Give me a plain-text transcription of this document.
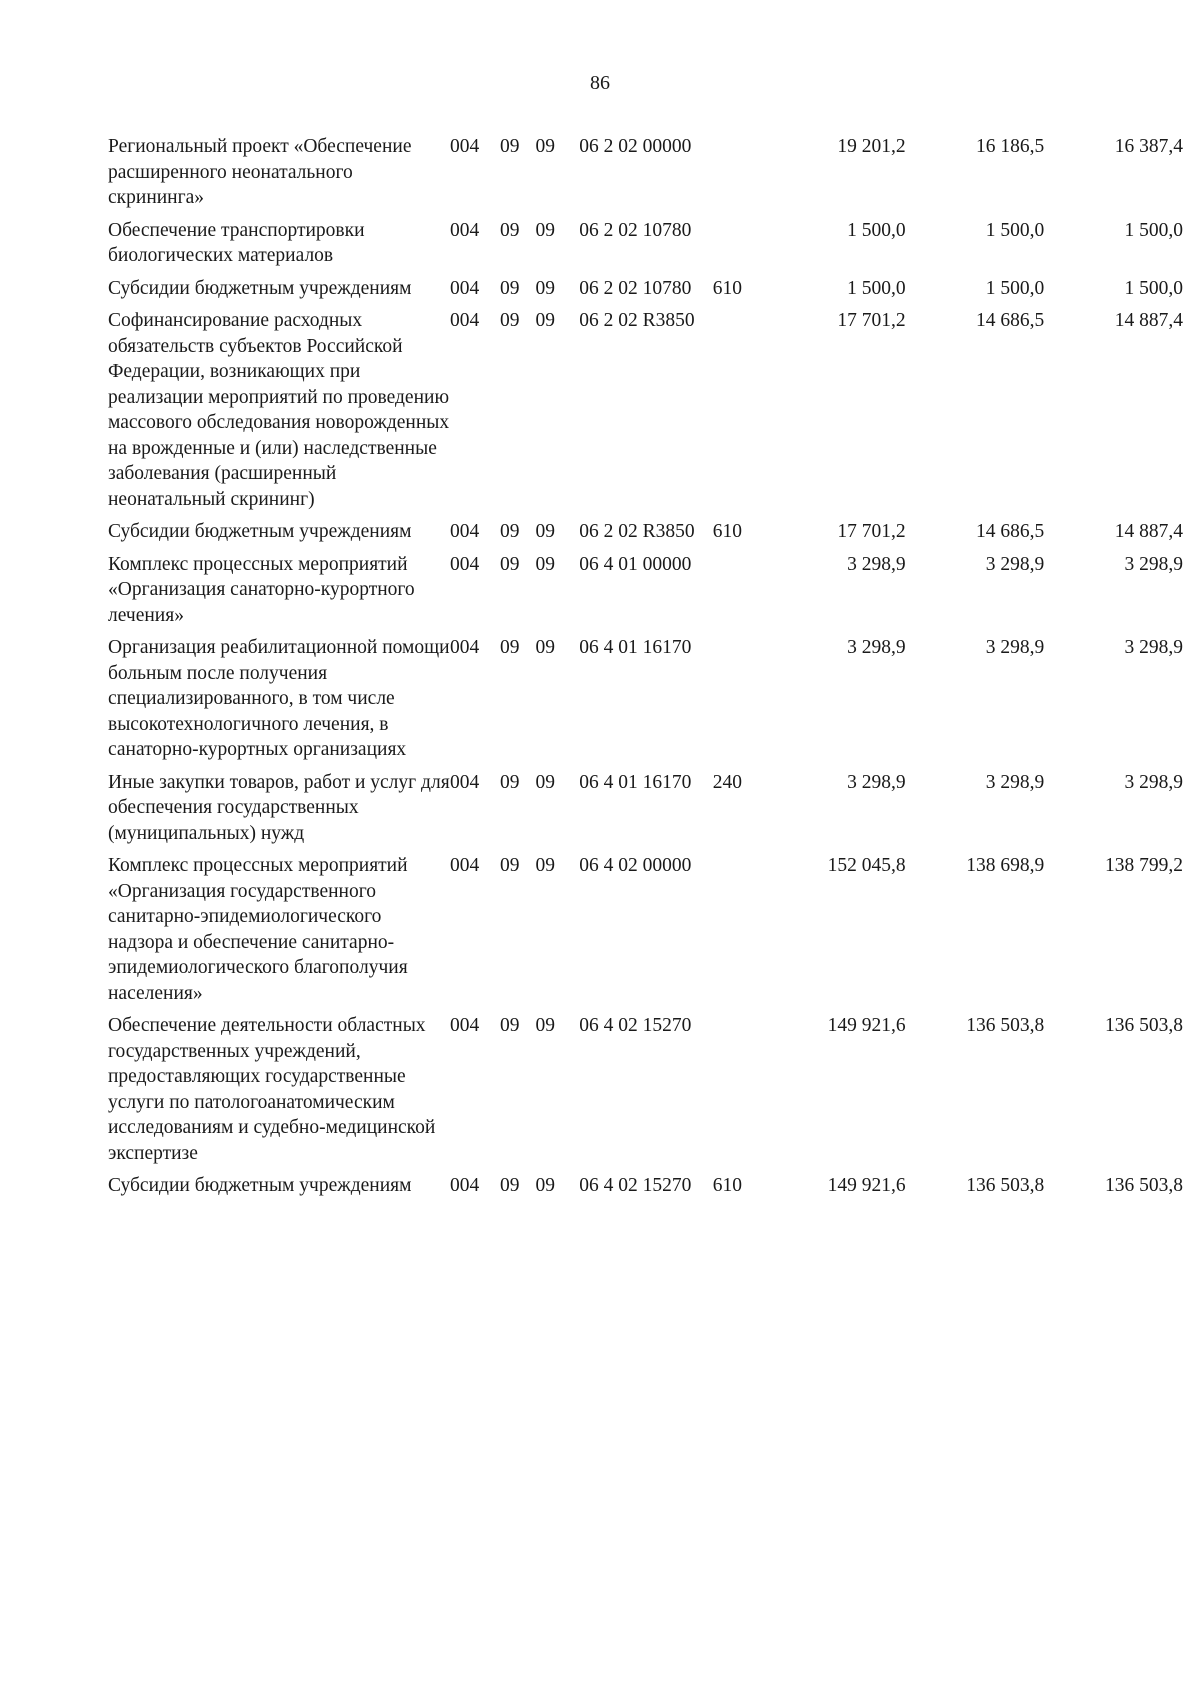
86
Региональный проект «Обеспечение расширенного неонатального скрининга»	004	09	09	06 2 02 00000		19 201,2	16 186,5	16 387,4
Обеспечение транспортировки биологических материалов	004	09	09	06 2 02 10780		1 500,0	1 500,0	1 500,0
Субсидии бюджетным учреждениям	004	09	09	06 2 02 10780	610	1 500,0	1 500,0	1 500,0
Софинансирование расходных обязательств субъектов Российской Федерации, возникающих при реализации мероприятий по проведению массового обследования новорожденных на врожденные и (или) наследственные заболевания (расширенный неонатальный скрининг)	004	09	09	06 2 02 R3850		17 701,2	14 686,5	14 887,4
Субсидии бюджетным учреждениям	004	09	09	06 2 02 R3850	610	17 701,2	14 686,5	14 887,4
Комплекс процессных мероприятий «Организация санаторно-курортного лечения»	004	09	09	06 4 01 00000		3 298,9	3 298,9	3 298,9
Организация реабилитационной помощи больным после получения специализированного, в том числе высокотехнологичного лечения, в санаторно-курортных организациях	004	09	09	06 4 01 16170		3 298,9	3 298,9	3 298,9
Иные закупки товаров, работ и услуг для обеспечения государственных (муниципальных) нужд	004	09	09	06 4 01 16170	240	3 298,9	3 298,9	3 298,9
Комплекс процессных мероприятий «Организация государственного санитарно-эпидемиологического надзора и обеспечение санитарно-эпидемиологического благополучия населения»	004	09	09	06 4 02 00000		152 045,8	138 698,9	138 799,2
Обеспечение деятельности областных государственных учреждений, предоставляющих государственные услуги по патологоанатомическим исследованиям и судебно-медицинской экспертизе	004	09	09	06 4 02 15270		149 921,6	136 503,8	136 503,8
Субсидии бюджетным учреждениям	004	09	09	06 4 02 15270	610	149 921,6	136 503,8	136 503,8
